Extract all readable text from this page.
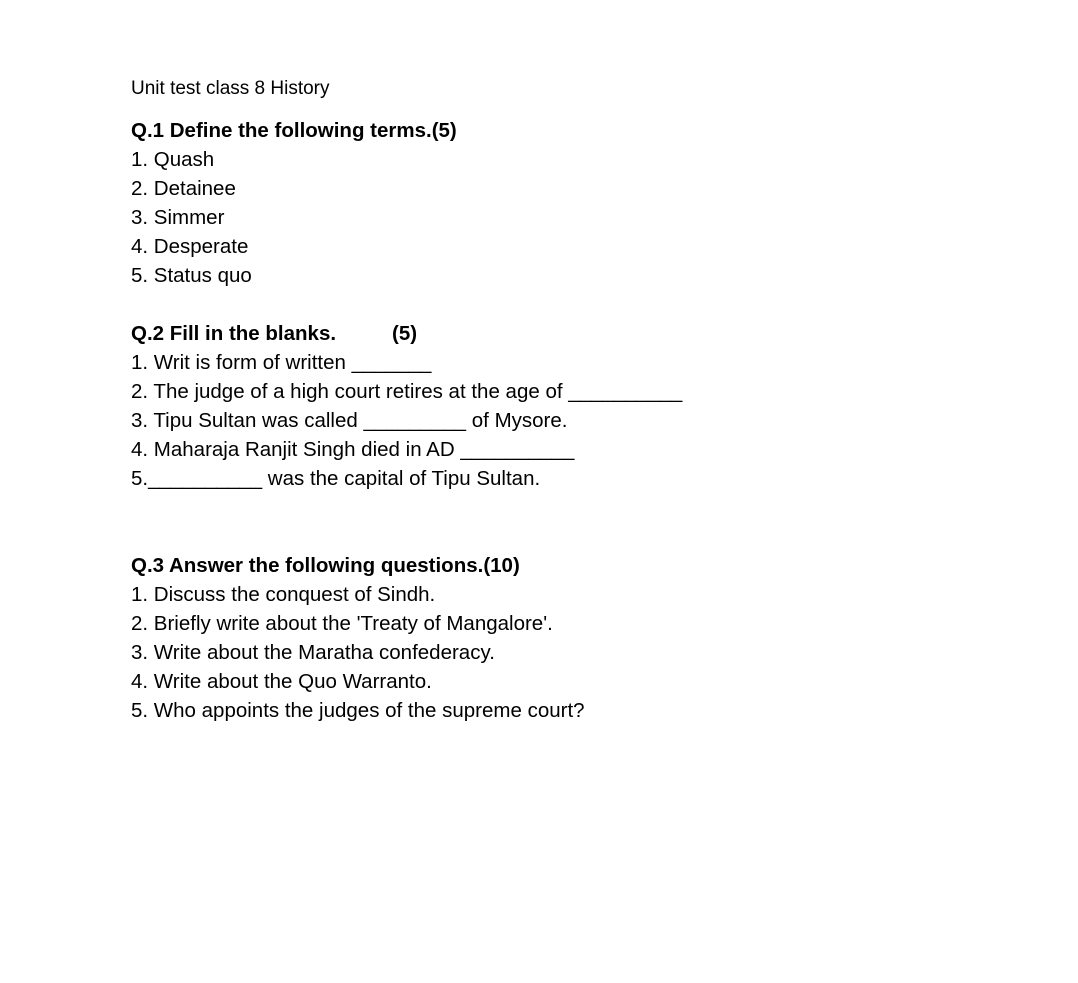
Unit test class 8 History
Q.1 Define the following terms.(5)
1. Quash
2. Detainee
3. Simmer
4. Desperate
5. Status quo
Q.2 Fill in the blanks.	(5)
1. Writ is form of written _______
2. The judge of a high court retires at the age of __________
3. Tipu Sultan was called _________ of Mysore.
4. Maharaja Ranjit Singh died in AD __________
5.__________ was the capital of Tipu Sultan.
Q.3 Answer the following questions.(10)
1. Discuss the conquest of Sindh.
2. Briefly write about the 'Treaty of Mangalore'.
3. Write about the Maratha confederacy.
4. Write about the Quo Warranto.
5. Who appoints the judges of the supreme court?
